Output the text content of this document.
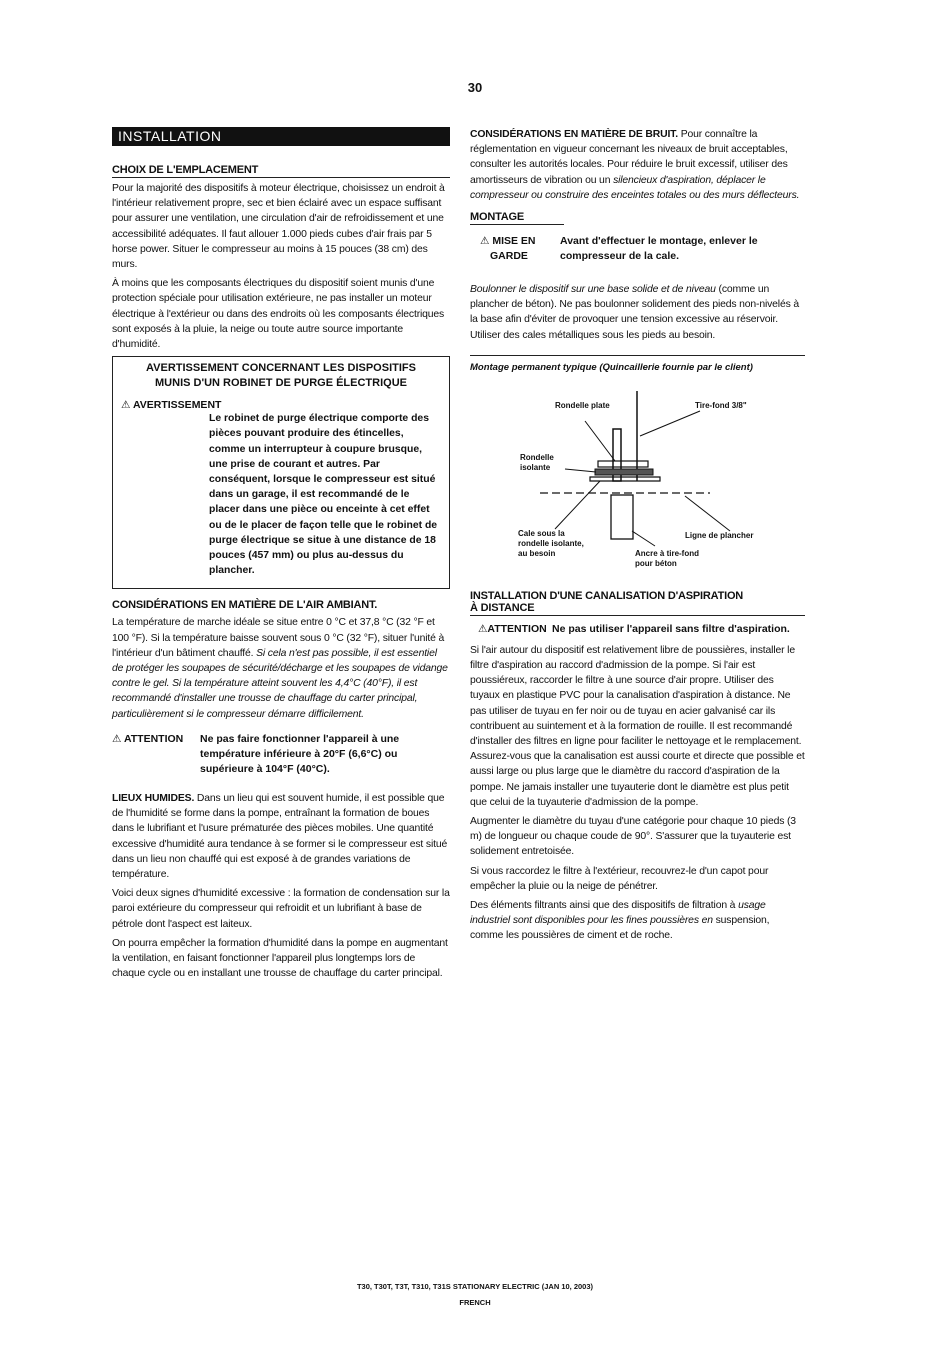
30
INSTALLATION
CHOIX DE L'EMPLACEMENT

Pour la majorité des dispositifs à moteur électrique, choisissez un endroit à l'intérieur relativement propre, sec et bien éclairé avec un espace suffisant pour assurer une ventilation, une circulation d'air de refroidissement et une accessibilité adéquates. Il faut allouer 1.000 pieds cubes d'air frais par 5 horse power. Situer le compresseur au moins à 15 pouces (38 cm) des murs.

À moins que les composants électriques du dispositif soient munis d'une protection spéciale pour utilisation extérieure, ne pas installer un moteur électrique à l'extérieur ou dans des endroits où les composants électriques sont exposés à la pluie, la neige ou toute autre source importante d'humidité.

AVERTISSEMENT CONCERNANT LES DISPOSITIFS
MUNIS D'UN ROBINET DE PURGE ÉLECTRIQUE
⚠ AVERTISSEMENT
Le robinet de purge électrique comporte des pièces pouvant produire des étincelles, comme un interrupteur à coupure brusque, une prise de courant et autres. Par conséquent, lorsque le compresseur est situé dans un garage, il est recommandé de le placer dans une pièce ou enceinte à cet effet ou de le placer de façon telle que le robinet de purge électrique se situe à une distance de 18 pouces (457 mm) ou plus au-dessus du plancher.
CONSIDÉRATIONS EN MATIÈRE DE L'AIR AMBIANT.

La température de marche idéale se situe entre 0 °C et 37,8 °C (32 °F et 100 °F). Si la température baisse souvent sous 0 °C (32 °F), situer l'unité à l'intérieur d'un bâtiment chauffé. Si cela n'est pas possible, il est essentiel de protéger les soupapes de sécurité/décharge et les soupapes de vidange contre le gel. Si la température atteint souvent les 4,4°C (40°F), il est recommandé d'installer une trousse de chauffage du carter principal, particulièrement si le compresseur démarre difficilement.

⚠ ATTENTION	Ne pas faire fonctionner l'appareil à une température inférieure à 20°F (6,6°C) ou supérieure à 104°F (40°C).

LIEUX HUMIDES. Dans un lieu qui est souvent humide, il est possible que de l'humidité se forme dans la pompe, entraînant la formation de boues dans le lubrifiant et l'usure prématurée des pièces mobiles. Une quantité excessive d'humidité aura tendance à se former si le compresseur est situé dans un lieu non chauffé qui est exposé à de grandes variations de température.

Voici deux signes d'humidité excessive : la formation de condensation sur la paroi extérieure du compresseur qui refroidit et un lubrifiant à base de pétrole dont l'aspect est laiteux.

On pourra empêcher la formation d'humidité dans la pompe en augmentant la ventilation, en faisant fonctionner l'appareil plus longtemps lors de chaque cycle ou en installant une trousse de chauffage du carter principal.

CONSIDÉRATIONS EN MATIÈRE DE BRUIT. Pour connaître la réglementation en vigueur concernant les niveaux de bruit acceptables, consulter les autorités locales. Pour réduire le bruit excessif, utiliser des amortisseurs de vibration ou un silencieux d'aspiration, déplacer le compresseur ou construire des enceintes totales ou des murs déflecteurs.

MONTAGE
⚠ MISE EN
GARDE
Avant d'effectuer le montage, enlever le compresseur de la cale.

Boulonner le dispositif sur une base solide et de niveau (comme un plancher de béton). Ne pas boulonner solidement des pieds non-nivelés à la base afin d'éviter de provoquer une tension excessive au réservoir. Utiliser des cales métalliques sous les pieds au besoin.

Montage permanent typique (Quincaillerie fournie par le client)
Rondelle plate	Tire-fond 3/8"
Rondelle
isolante
Cale sous la
rondelle isolante,
au besoin
Ligne de plancher
Ancre à tire-fond
pour béton
INSTALLATION D'UNE CANALISATION D'ASPIRATION
À DISTANCE
⚠ATTENTION Ne pas utiliser l'appareil sans filtre d'aspiration.

Si l'air autour du dispositif est relativement libre de poussières, installer le filtre d'aspiration au raccord d'admission de la pompe. Si l'air est poussiéreux, raccorder le filtre à une source d'air propre. Utiliser des tuyaux en plastique PVC pour la canalisation d'aspiration à distance. Ne pas utiliser de tuyau en fer noir ou de tuyau en acier galvanisé car ils contribuent au suintement et à la formation de rouille. Il est recommandé d'installer des filtres en ligne pour faciliter le nettoyage et le remplacement. Assurez-vous que la canalisation est aussi courte et directe que possible et aussi large ou plus large que le diamètre du raccord d'aspiration de la pompe. Ne jamais installer une tuyauterie dont le diamètre est plus petit que celui de la tuyauterie d'admission de la pompe.

Augmenter le diamètre du tuyau d'une catégorie pour chaque 10 pieds (3 m) de longueur ou chaque coude de 90°. S'assurer que la tuyauterie est solidement entretoisée.

Si vous raccordez le filtre à l'extérieur, recouvrez-le d'un capot pour empêcher la pluie ou la neige de pénétrer.

Des éléments filtrants ainsi que des dispositifs de filtration à usage industriel sont disponibles pour les fines poussières en suspension, comme les poussières de ciment et de roche.

T30, T30T, T3T, T310, T31S STATIONARY ELECTRIC (JAN 10, 2003)
FRENCH
